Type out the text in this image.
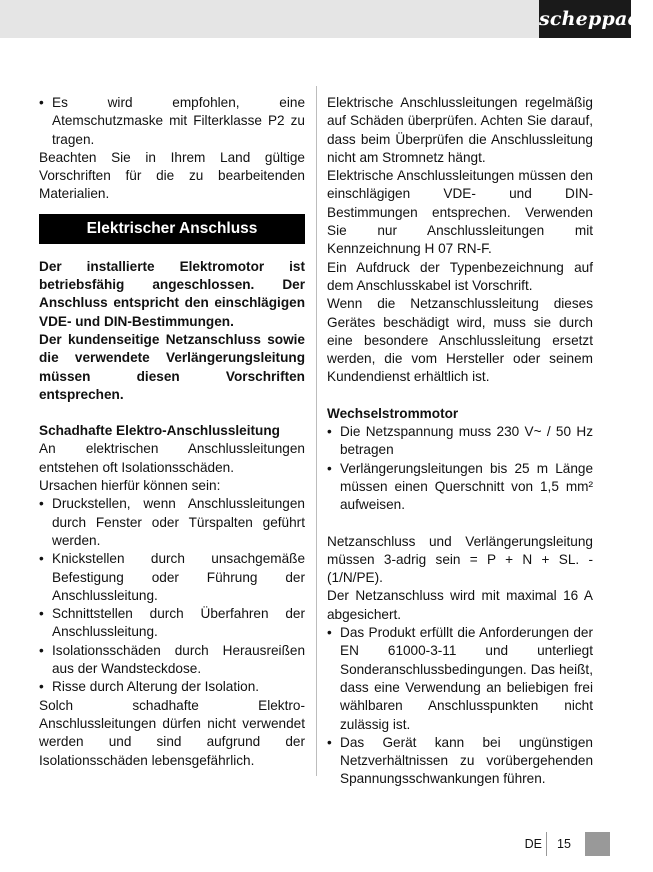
scheppach
• Es wird empfohlen, eine Atemschutzmaske mit Filterklasse P2 zu tragen.

Beachten Sie in Ihrem Land gültige Vorschriften für die zu bearbeitenden Materialien.

Elektrischer Anschluss

Der installierte Elektromotor ist betriebsfähig angeschlossen. Der Anschluss entspricht den einschlägigen VDE- und DIN-Bestimmungen.

Der kundenseitige Netzanschluss sowie die verwendete Verlängerungsleitung müssen diesen Vorschriften entsprechen.

Schadhafte Elektro-Anschlussleitung

An elektrischen Anschlussleitungen entstehen oft Isolationsschäden.

Ursachen hierfür können sein:

• Druckstellen, wenn Anschlussleitungen durch Fenster oder Türspalten geführt werden.
• Knickstellen durch unsachgemäße Befestigung oder Führung der Anschlussleitung.
• Schnittstellen durch Überfahren der Anschlussleitung.
• Isolationsschäden durch Herausreißen aus der Wandsteckdose.
• Risse durch Alterung der Isolation.

Solch schadhafte Elektro-Anschlussleitungen dürfen nicht verwendet werden und sind aufgrund der Isolationsschäden lebensgefährlich.

Elektrische Anschlussleitungen regelmäßig auf Schäden überprüfen. Achten Sie darauf, dass beim Überprüfen die Anschlussleitung nicht am Stromnetz hängt.

Elektrische Anschlussleitungen müssen den einschlägigen VDE- und DIN-Bestimmungen entsprechen. Verwenden Sie nur Anschlussleitungen mit Kennzeichnung H 07 RN-F.

Ein Aufdruck der Typenbezeichnung auf dem Anschlusskabel ist Vorschrift.

Wenn die Netzanschlussleitung dieses Gerätes beschädigt wird, muss sie durch eine besondere Anschlussleitung ersetzt werden, die vom Hersteller oder seinem Kundendienst erhältlich ist.

Wechselstrommotor

• Die Netzspannung muss 230 V~ / 50 Hz betragen
• Verlängerungsleitungen bis 25 m Länge müssen einen Querschnitt von 1,5 mm² aufweisen.

Netzanschluss und Verlängerungsleitung müssen 3-adrig sein = P + N + SL. - (1/N/PE).

Der Netzanschluss wird mit maximal 16 A abgesichert.

• Das Produkt erfüllt die Anforderungen der EN 61000-3-11 und unterliegt Sonderanschlussbedingungen. Das heißt, dass eine Verwendung an beliebigen frei wählbaren Anschlusspunkten nicht zulässig ist.
• Das Gerät kann bei ungünstigen Netzverhältnissen zu vorübergehenden Spannungsschwankungen führen.
DE	15
